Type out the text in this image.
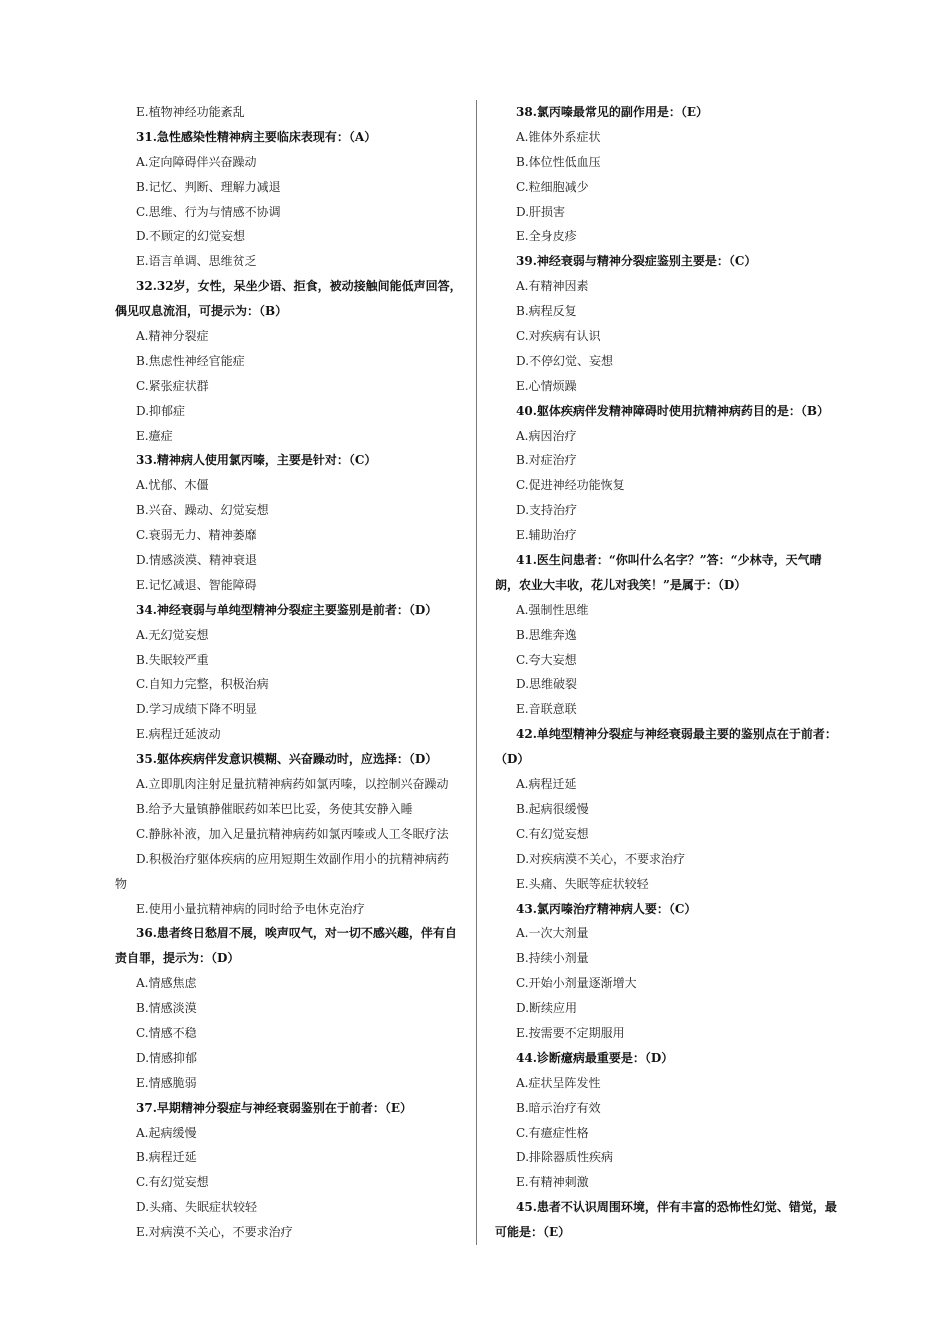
E.植物神经功能紊乱
31.急性感染性精神病主要临床表现有：（A）
A.定向障碍伴兴奋躁动
B.记忆、判断、理解力减退
C.思维、行为与情感不协调
D.不顾定的幻觉妄想
E.语言单调、思维贫乏
32.32岁，女性，呆坐少语、拒食，被动接触间能低声回答，
偶见叹息流泪，可提示为：（B）
A.精神分裂症
B.焦虑性神经官能症
C.紧张症状群
D.抑郁症
E.癔症
33.精神病人使用氯丙嗪，主要是针对：（C）
A.忧郁、木僵
B.兴奋、躁动、幻觉妄想
C.衰弱无力、精神萎靡
D.情感淡漠、精神衰退
E.记忆减退、智能障碍
34.神经衰弱与单纯型精神分裂症主要鉴别是前者：（D）
A.无幻觉妄想
B.失眠较严重
C.自知力完整，积极治病
D.学习成绩下降不明显
E.病程迁延波动
35.躯体疾病伴发意识模糊、兴奋躁动时，应选择：（D）
A.立即肌肉注射足量抗精神病药如氯丙嗪，以控制兴奋躁动
B.给予大量镇静催眠药如苯巴比妥，务使其安静入睡
C.静脉补液，加入足量抗精神病药如氯丙嗪或人工冬眠疗法
D.积极治疗躯体疾病的应用短期生效副作用小的抗精神病药
物
E.使用小量抗精神病的同时给予电休克治疗
36.患者终日愁眉不展，唉声叹气，对一切不感兴趣，伴有自
责自罪，提示为：（D）
A.情感焦虑
B.情感淡漠
C.情感不稳
D.情感抑郁
E.情感脆弱
37.早期精神分裂症与神经衰弱鉴别在于前者：（E）
A.起病缓慢
B.病程迁延
C.有幻觉妄想
D.头痛、失眠症状较轻
E.对病漠不关心，不要求治疗
38.氯丙嗪最常见的副作用是：（E）
A.锥体外系症状
B.体位性低血压
C.粒细胞减少
D.肝损害
E.全身皮疹
39.神经衰弱与精神分裂症鉴别主要是：（C）
A.有精神因素
B.病程反复
C.对疾病有认识
D.不停幻觉、妄想
E.心情烦躁
40.躯体疾病伴发精神障碍时使用抗精神病药目的是：（B）
A.病因治疗
B.对症治疗
C.促进神经功能恢复
D.支持治疗
E.辅助治疗
41.医生问患者：“你叫什么名字？”答：“少林寺，天气晴
朗，农业大丰收，花儿对我笑！”是属于：（D）
A.强制性思维
B.思维奔逸
C.夸大妄想
D.思维破裂
E.音联意联
42.单纯型精神分裂症与神经衰弱最主要的鉴别点在于前者：
（D）
A.病程迁延
B.起病很缓慢
C.有幻觉妄想
D.对疾病漠不关心，不要求治疗
E.头痛、失眠等症状较轻
43.氯丙嗪治疗精神病人要：（C）
A.一次大剂量
B.持续小剂量
C.开始小剂量逐渐增大
D.断续应用
E.按需要不定期服用
44.诊断癔病最重要是：（D）
A.症状呈阵发性
B.暗示治疗有效
C.有癔症性格
D.排除器质性疾病
E.有精神刺激
45.患者不认识周围环境，伴有丰富的恐怖性幻觉、错觉，最
可能是：（E）
